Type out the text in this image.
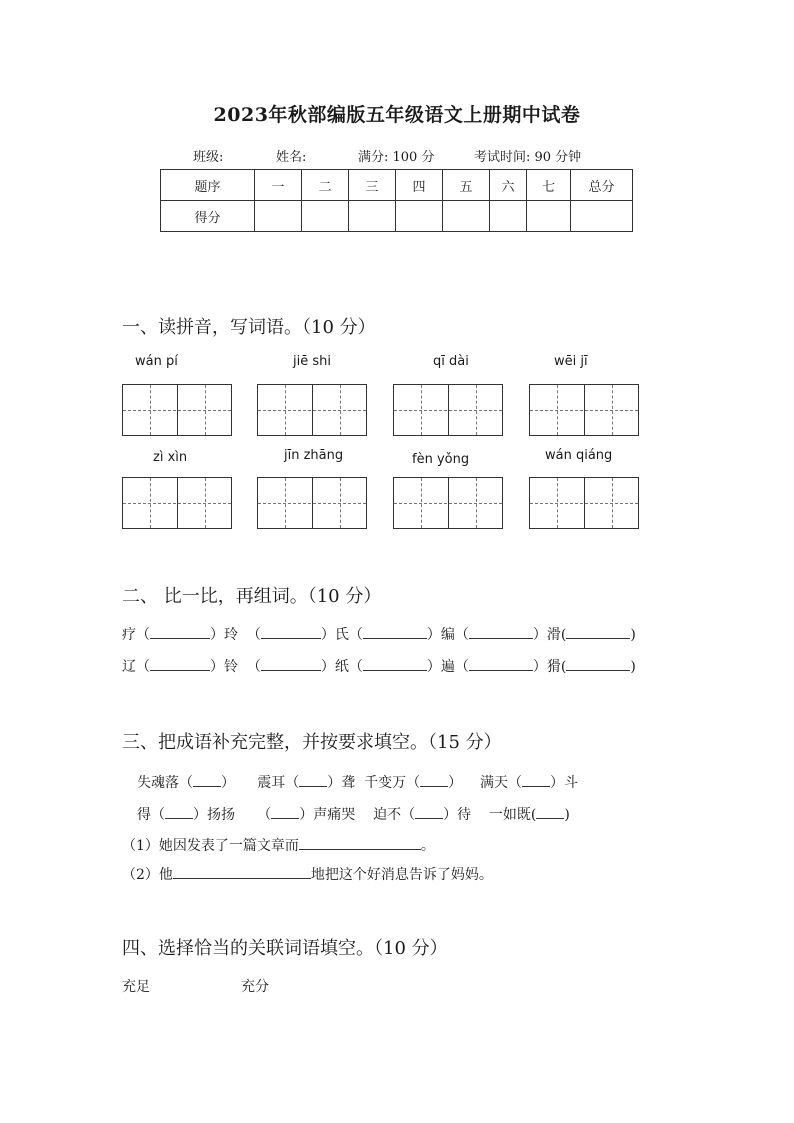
2023年秋部编版五年级语文上册期中试卷
班级:	姓名:	满分: 100 分	考试时间: 90 分钟
题序	一	二	三	四	五	六	七	总分
得分								
一、读拼音，写词语。（10 分）
wán pí	jiē shi	qī dài	wēi jī
zì xìn	jīn zhāng	fèn yǒng	wán qiáng
二、 比一比，再组词。（10 分）
疗（	）玲  （	）氏（	）编（	）滑(	)
辽（	）铃  （	）纸（	）遍（	）猾(	)
三、把成语补充完整，并按要求填空。（15 分）
失魂落（ ） 震耳（ ）聋 千变万（ ） 满天（ ）斗
得（ ）扬扬 （ ）声痛哭 迫不（ ）待 一如既( )
（1）她因发表了一篇文章而	。
（2）他	地把这个好消息告诉了妈妈。
四、选择恰当的关联词语填空。（10 分）
充足	充分
